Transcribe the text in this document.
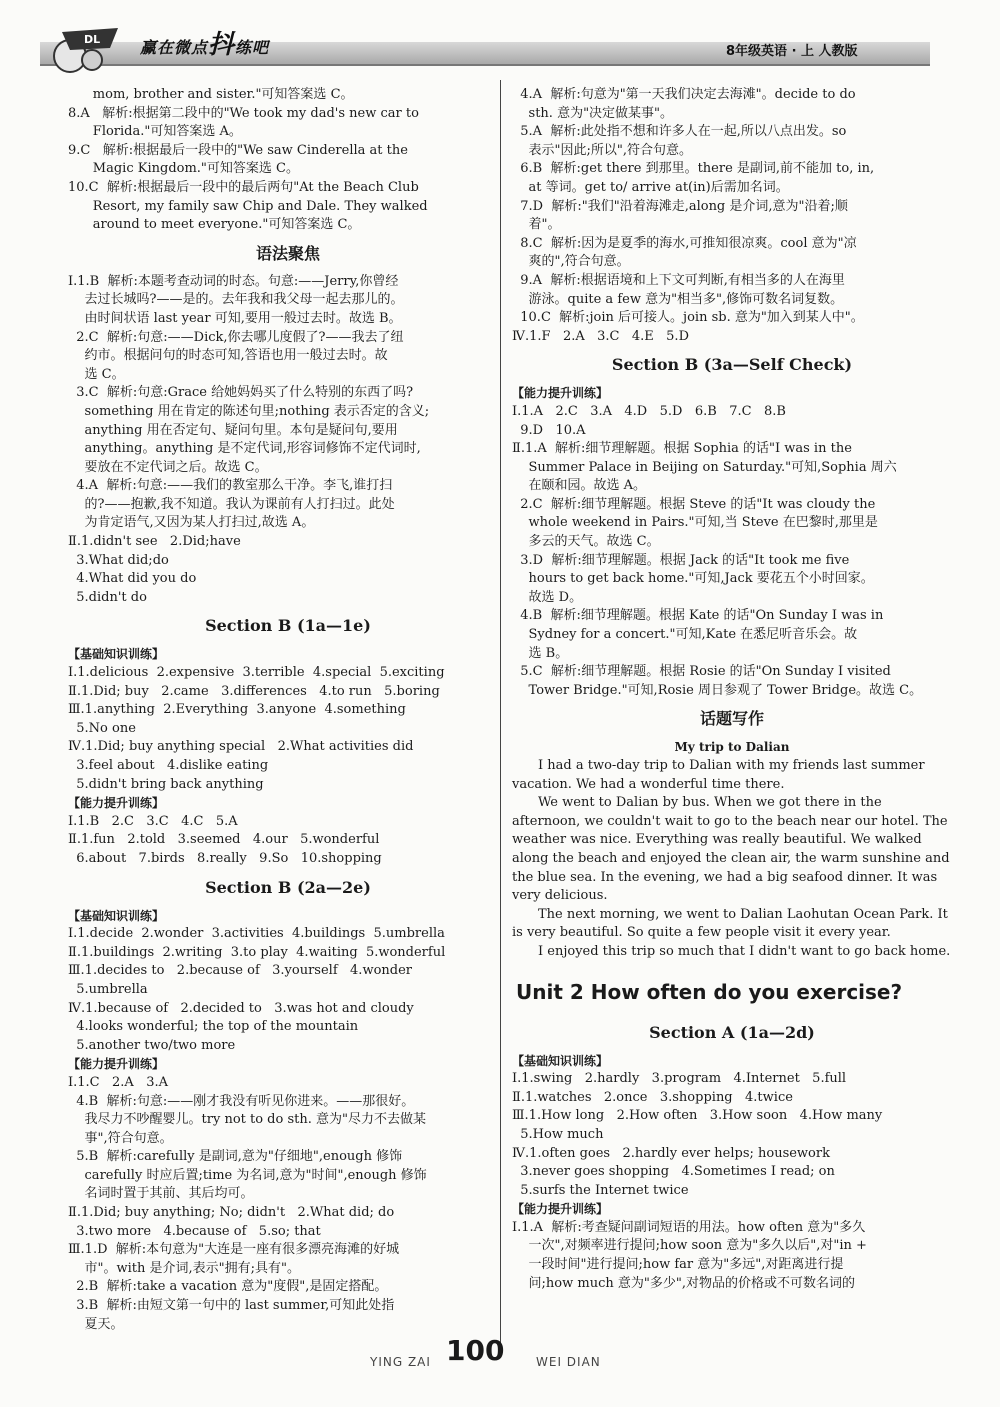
DL 赢在微点抖练吧	8年级英语 · 上 人教版

mom, brother and sister."可知答案选 C。

8.A   解析:根据第二段中的"We took my dad's new car to

Florida."可知答案选 A。

9.C   解析:根据最后一段中的"We saw Cinderella at the

Magic Kingdom."可知答案选 C。

10.C  解析:根据最后一段中的最后两句"At the Beach Club

Resort, my family saw Chip and Dale. They walked

around to meet everyone."可知答案选 C。

语法聚焦

Ⅰ.1.B  解析:本题考查动词的时态。句意:——Jerry,你曾经

去过长城吗?——是的。去年我和我父母一起去那儿的。

由时间状语 last year 可知,要用一般过去时。故选 B。

2.C  解析:句意:——Dick,你去哪儿度假了?——我去了纽

约市。根据问句的时态可知,答语也用一般过去时。故

选 C。

3.C  解析:句意:Grace 给她妈妈买了什么特别的东西了吗?

something 用在肯定的陈述句里;nothing 表示否定的含义;

anything 用在否定句、疑问句里。本句是疑问句,要用

anything。anything 是不定代词,形容词修饰不定代词时,

要放在不定代词之后。故选 C。

4.A  解析:句意:——我们的教室那么干净。李飞,谁打扫

的?——抱歉,我不知道。我认为课前有人打扫过。此处

为肯定语气,又因为某人打扫过,故选 A。

Ⅱ.1.didn't see   2.Did;have

3.What did;do

4.What did you do

5.didn't do

Section B (1a—1e)

【基础知识训练】

Ⅰ.1.delicious  2.expensive  3.terrible  4.special  5.exciting

Ⅱ.1.Did; buy   2.came   3.differences   4.to run   5.boring

Ⅲ.1.anything  2.Everything  3.anyone  4.something

5.No one

Ⅳ.1.Did; buy anything special   2.What activities did

3.feel about   4.dislike eating

5.didn't bring back anything

【能力提升训练】

Ⅰ.1.B   2.C   3.C   4.C   5.A

Ⅱ.1.fun   2.told   3.seemed   4.our   5.wonderful

6.about   7.birds   8.really   9.So   10.shopping

Section B (2a—2e)

【基础知识训练】

Ⅰ.1.decide  2.wonder  3.activities  4.buildings  5.umbrella

Ⅱ.1.buildings  2.writing  3.to play  4.waiting  5.wonderful

Ⅲ.1.decides to   2.because of   3.yourself   4.wonder

5.umbrella

Ⅳ.1.because of   2.decided to   3.was hot and cloudy

4.looks wonderful; the top of the mountain

5.another two/two more

【能力提升训练】

Ⅰ.1.C   2.A   3.A

4.B  解析:句意:——刚才我没有听见你进来。——那很好。

我尽力不吵醒婴儿。try not to do sth. 意为"尽力不去做某

事",符合句意。

5.B  解析:carefully 是副词,意为"仔细地",enough 修饰

carefully 时应后置;time 为名词,意为"时间",enough 修饰

名词时置于其前、其后均可。

Ⅱ.1.Did; buy anything; No; didn't   2.What did; do

3.two more   4.because of   5.so; that

Ⅲ.1.D  解析:本句意为"大连是一座有很多漂亮海滩的好城

市"。with 是介词,表示"拥有;具有"。

2.B  解析:take a vacation 意为"度假",是固定搭配。

3.B  解析:由短文第一句中的 last summer,可知此处指

夏天。

4.A  解析:句意为"第一天我们决定去海滩"。decide to do

sth. 意为"决定做某事"。

5.A  解析:此处指不想和许多人在一起,所以八点出发。so

表示"因此;所以",符合句意。

6.B  解析:get there 到那里。there 是副词,前不能加 to, in,

at 等词。get to/ arrive at(in)后需加名词。

7.D  解析:"我们"沿着海滩走,along 是介词,意为"沿着;顺

着"。

8.C  解析:因为是夏季的海水,可推知很凉爽。cool 意为"凉

爽的",符合句意。

9.A  解析:根据语境和上下文可判断,有相当多的人在海里

游泳。quite a few 意为"相当多",修饰可数名词复数。

10.C  解析:join 后可接人。join sb. 意为"加入到某人中"。

Ⅳ.1.F   2.A   3.C   4.E   5.D

Section B (3a—Self Check)

【能力提升训练】

Ⅰ.1.A   2.C   3.A   4.D   5.D   6.B   7.C   8.B

9.D   10.A

Ⅱ.1.A  解析:细节理解题。根据 Sophia 的话"I was in the

Summer Palace in Beijing on Saturday."可知,Sophia 周六

在颐和园。故选 A。

2.C  解析:细节理解题。根据 Steve 的话"It was cloudy the

whole weekend in Pairs."可知,当 Steve 在巴黎时,那里是

多云的天气。故选 C。

3.D  解析:细节理解题。根据 Jack 的话"It took me five

hours to get back home."可知,Jack 要花五个小时回家。

故选 D。

4.B  解析:细节理解题。根据 Kate 的话"On Sunday I was in

Sydney for a concert."可知,Kate 在悉尼听音乐会。故

选 B。

5.C  解析:细节理解题。根据 Rosie 的话"On Sunday I visited

Tower Bridge."可知,Rosie 周日参观了 Tower Bridge。故选 C。

话题写作
My trip to Dalian

I had a two-day trip to Dalian with my friends last summer vacation. We had a wonderful time there.

We went to Dalian by bus. When we got there in the afternoon, we couldn't wait to go to the beach near our hotel. The weather was nice. Everything was really beautiful. We walked along the beach and enjoyed the clean air, the warm sunshine and the blue sea. In the evening, we had a big seafood dinner. It was very delicious.

The next morning, we went to Dalian Laohutan Ocean Park. It is very beautiful. So quite a few people visit it every year.

I enjoyed this trip so much that I didn't want to go back home.

Unit 2 How often do you exercise?
Section A (1a—2d)

【基础知识训练】

Ⅰ.1.swing   2.hardly   3.program   4.Internet   5.full

Ⅱ.1.watches   2.once   3.shopping   4.twice

Ⅲ.1.How long   2.How often   3.How soon   4.How many

5.How much

Ⅳ.1.often goes   2.hardly ever helps; housework

3.never goes shopping   4.Sometimes I read; on

5.surfs the Internet twice

【能力提升训练】

Ⅰ.1.A  解析:考查疑问副词短语的用法。how often 意为"多久

一次",对频率进行提问;how soon 意为"多久以后",对"in +

一段时间"进行提问;how far 意为"多远",对距离进行提

问;how much 意为"多少",对物品的价格或不可数名词的

YING ZAI 100	WEI DIAN
